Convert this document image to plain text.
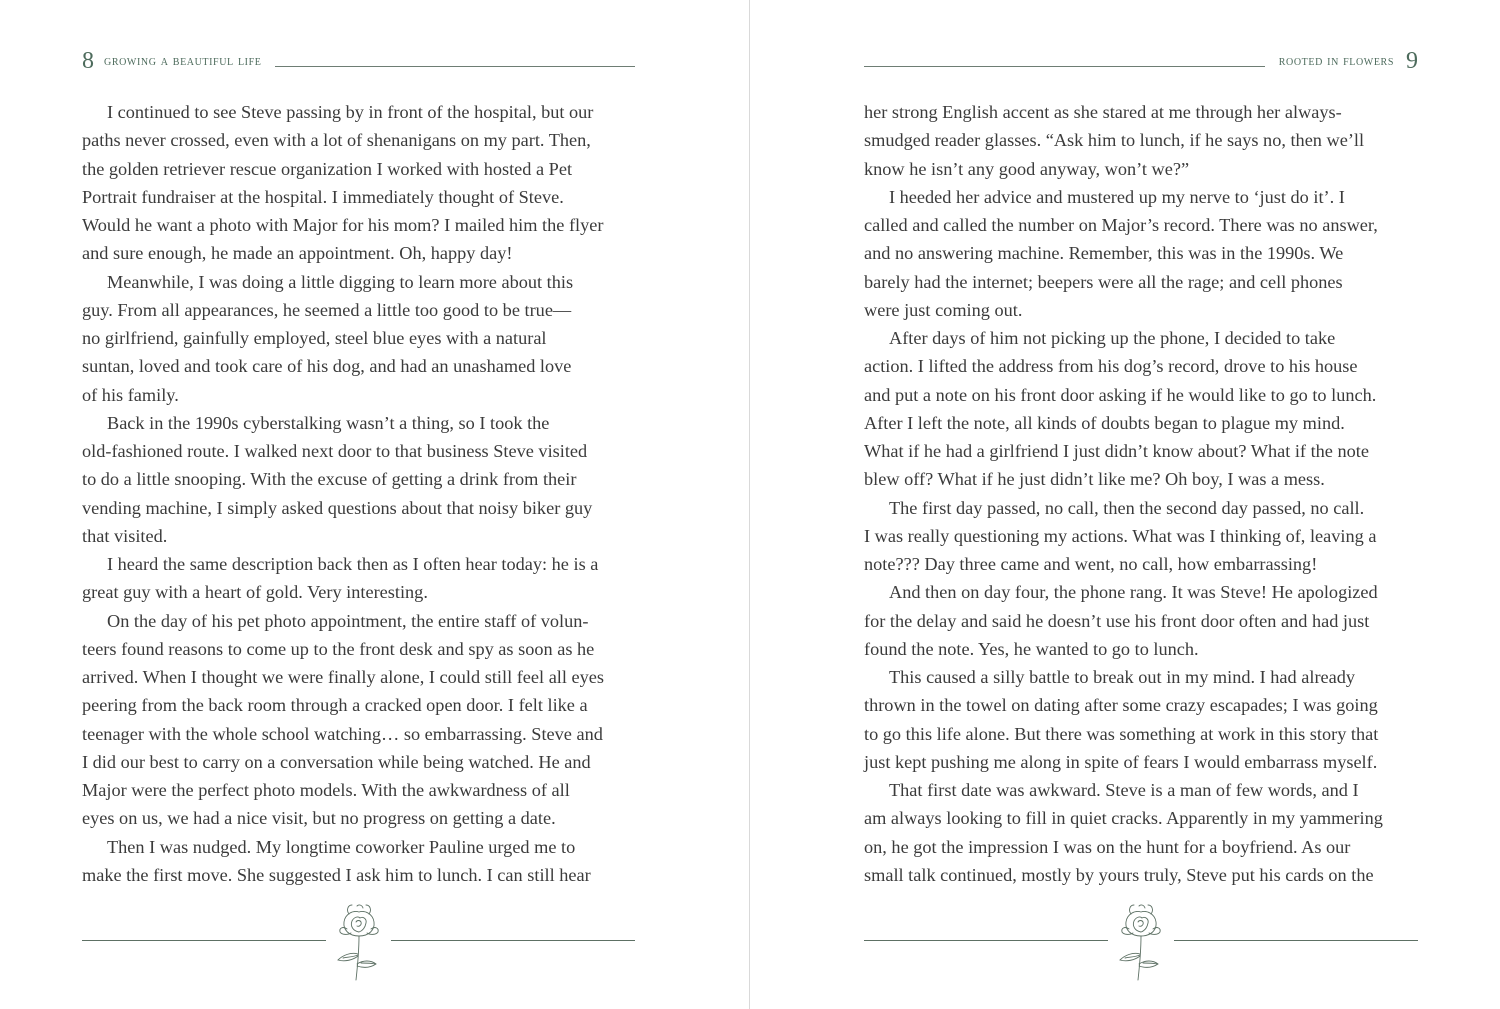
8 growing a beautiful life
I continued to see Steve passing by in front of the hospital, but our
paths never crossed, even with a lot of shenanigans on my part. Then,
the golden retriever rescue organization I worked with hosted a Pet
Portrait fundraiser at the hospital. I immediately thought of Steve.
Would he want a photo with Major for his mom? I mailed him the flyer
and sure enough, he made an appointment. Oh, happy day!
Meanwhile, I was doing a little digging to learn more about this
guy. From all appearances, he seemed a little too good to be true—
no girlfriend, gainfully employed, steel blue eyes with a natural
suntan, loved and took care of his dog, and had an unashamed love
of his family.
Back in the 1990s cyberstalking wasn’t a thing, so I took the
old-fashioned route. I walked next door to that business Steve visited
to do a little snooping. With the excuse of getting a drink from their
vending machine, I simply asked questions about that noisy biker guy
that visited.
I heard the same description back then as I often hear today: he is a
great guy with a heart of gold. Very interesting.
On the day of his pet photo appointment, the entire staff of volun-
teers found reasons to come up to the front desk and spy as soon as he
arrived. When I thought we were finally alone, I could still feel all eyes
peering from the back room through a cracked open door. I felt like a
teenager with the whole school watching… so embarrassing. Steve and
I did our best to carry on a conversation while being watched. He and
Major were the perfect photo models. With the awkwardness of all
eyes on us, we had a nice visit, but no progress on getting a date.
Then I was nudged. My longtime coworker Pauline urged me to
make the first move. She suggested I ask him to lunch. I can still hear
rooted in flowers 9
her strong English accent as she stared at me through her always-
smudged reader glasses. “Ask him to lunch, if he says no, then we’ll
know he isn’t any good anyway, won’t we?”
I heeded her advice and mustered up my nerve to ‘just do it’. I
called and called the number on Major’s record. There was no answer,
and no answering machine. Remember, this was in the 1990s. We
barely had the internet; beepers were all the rage; and cell phones
were just coming out.
After days of him not picking up the phone, I decided to take
action. I lifted the address from his dog’s record, drove to his house
and put a note on his front door asking if he would like to go to lunch.
After I left the note, all kinds of doubts began to plague my mind.
What if he had a girlfriend I just didn’t know about? What if the note
blew off? What if he just didn’t like me? Oh boy, I was a mess.
The first day passed, no call, then the second day passed, no call.
I was really questioning my actions. What was I thinking of, leaving a
note??? Day three came and went, no call, how embarrassing!
And then on day four, the phone rang. It was Steve! He apologized
for the delay and said he doesn’t use his front door often and had just
found the note. Yes, he wanted to go to lunch.
This caused a silly battle to break out in my mind. I had already
thrown in the towel on dating after some crazy escapades; I was going
to go this life alone. But there was something at work in this story that
just kept pushing me along in spite of fears I would embarrass myself.
That first date was awkward. Steve is a man of few words, and I
am always looking to fill in quiet cracks. Apparently in my yammering
on, he got the impression I was on the hunt for a boyfriend. As our
small talk continued, mostly by yours truly, Steve put his cards on the
